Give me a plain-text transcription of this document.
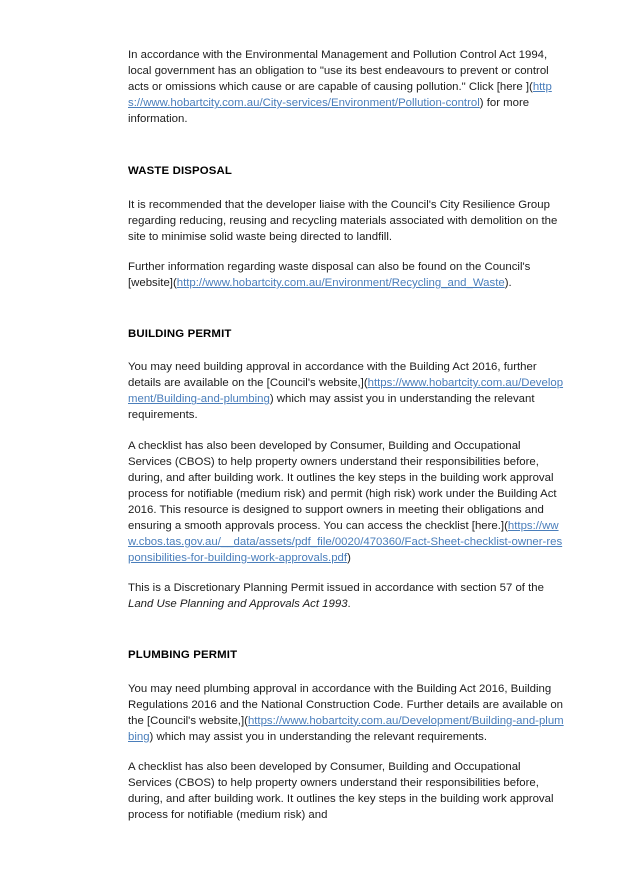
In accordance with the Environmental Management and Pollution Control Act 1994, local government has an obligation to "use its best endeavours to prevent or control acts or omissions which cause or are capable of causing pollution." Click [here ](https://www.hobartcity.com.au/City-services/Environment/Pollution-control) for more information.

WASTE DISPOSAL

It is recommended that the developer liaise with the Council's City Resilience Group regarding reducing, reusing and recycling materials associated with demolition on the site to minimise solid waste being directed to landfill.

Further information regarding waste disposal can also be found on the Council's [website](http://www.hobartcity.com.au/Environment/Recycling_and_Waste).

BUILDING PERMIT

You may need building approval in accordance with the Building Act 2016, further details are available on the [Council's website,](https://www.hobartcity.com.au/Development/Building-and-plumbing) which may assist you in understanding the relevant requirements.

A checklist has also been developed by Consumer, Building and Occupational Services (CBOS) to help property owners understand their responsibilities before, during, and after building work. It outlines the key steps in the building work approval process for notifiable (medium risk) and permit (high risk) work under the Building Act 2016. This resource is designed to support owners in meeting their obligations and ensuring a smooth approvals process. You can access the checklist [here.](https://www.cbos.tas.gov.au/__data/assets/pdf_file/0020/470360/Fact-Sheet-checklist-owner-responsibilities-for-building-work-approvals.pdf)

This is a Discretionary Planning Permit issued in accordance with section 57 of the Land Use Planning and Approvals Act 1993.

PLUMBING PERMIT

You may need plumbing approval in accordance with the Building Act 2016, Building Regulations 2016 and the National Construction Code. Further details are available on the [Council's website,](https://www.hobartcity.com.au/Development/Building-and-plumbing) which may assist you in understanding the relevant requirements.

A checklist has also been developed by Consumer, Building and Occupational Services (CBOS) to help property owners understand their responsibilities before, during, and after building work. It outlines the key steps in the building work approval process for notifiable (medium risk) and
